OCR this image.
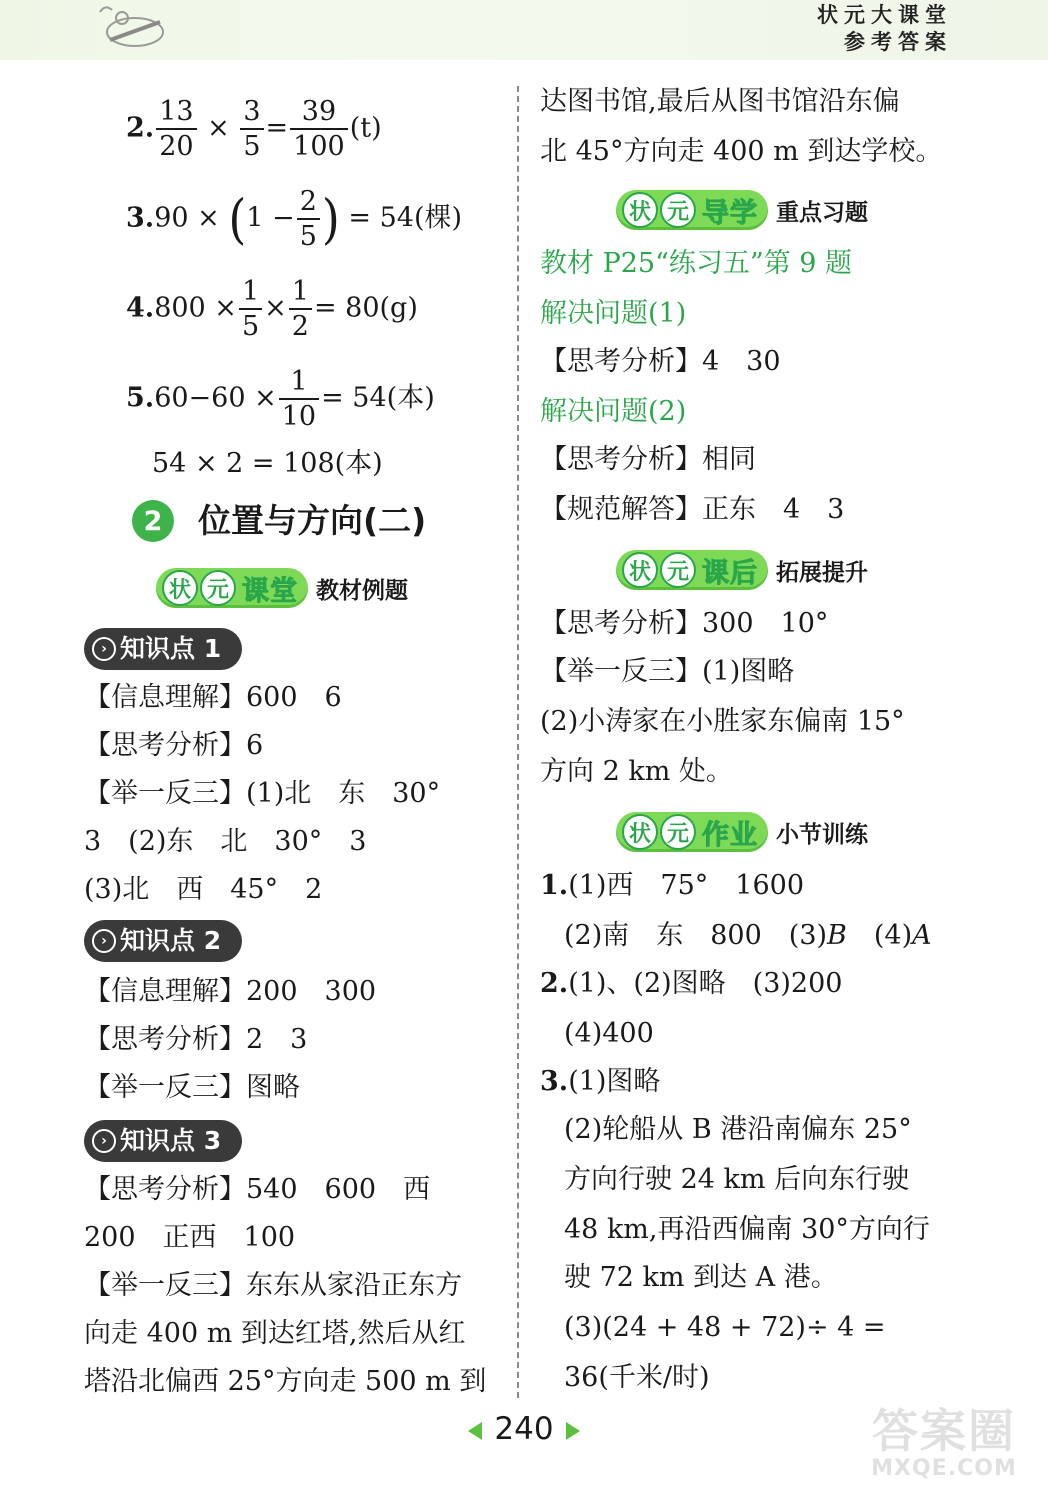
状元大课堂
参考答案
2. $\frac{13}{20} \times \frac{3}{5} = \frac{39}{100} (t)$
$3.90 \times (1 - \frac{2}{5}$ ) = 54(棵)
$4.800 \times \frac{1}{5} \times \frac{1}{2} = 80(g)$
$5.60-60 \times \frac{1}{10} = 54$(本)
54 × 2 = 108(本)
2	位置与方向(二)
状 元 课堂 教材例题
› 知识点 1
【信息理解】600　6
【思考分析】6
【举一反三】(1)北　东　30°
3　(2)东　北　30°　3
(3)北　西　45°　2
› 知识点 2
【信息理解】200　300
【思考分析】2　3
【举一反三】图略
› 知识点 3
【思考分析】540　600　西
200　正西　100
【举一反三】东东从家沿正东方
向走 400 m 到达红塔,然后从红
塔沿北偏西 25°方向走 500 m 到
达图书馆,最后从图书馆沿东偏
北 45°方向走 400 m 到达学校。
状 元 导学 重点习题
教材 P25“练习五”第 9 题
解决问题(1)
【思考分析】4　30
解决问题(2)
【思考分析】相同
【规范解答】正东　4　3
状 元 课后 拓展提升
【思考分析】300　10°
【举一反三】(1)图略
(2)小涛家在小胜家东偏南 15°
方向 2 km 处。
状 元 作业 小节训练
1.(1)西　75°　1600
(2)南　东　800　(3)B　(4)A
2.(1)、(2)图略　(3)200
(4)400
3.(1)图略
(2)轮船从 B 港沿南偏东 25°
方向行驶 24 km 后向东行驶
48 km,再沿西偏南 30°方向行
驶 72 km 到达 A 港。
(3)(24 + 48 + 72)÷ 4 =
36(千米/时)
240	答案圈
MXQE.COM
